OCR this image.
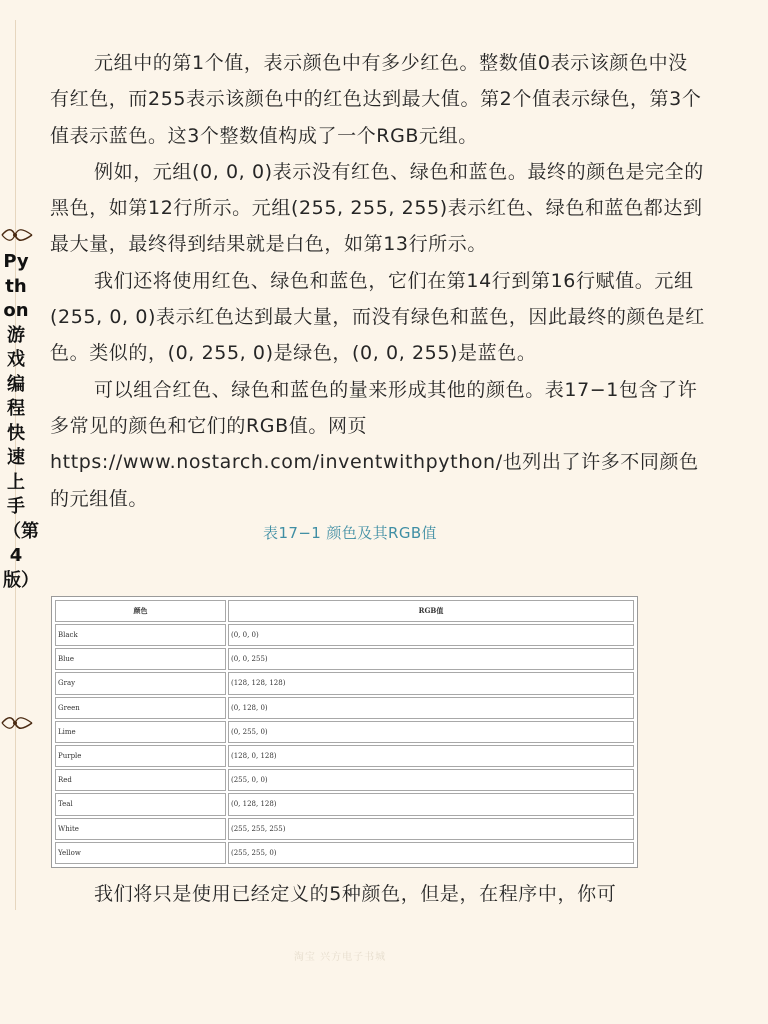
Python游戏编程快速上手（第4版）

元组中的第1个值，表示颜色中有多少红色。整数值0表示该颜色中没有红色，而255表示该颜色中的红色达到最大值。第2个值表示绿色，第3个值表示蓝色。这3个整数值构成了一个RGB元组。

例如，元组(0, 0, 0)表示没有红色、绿色和蓝色。最终的颜色是完全的黑色，如第12行所示。元组(255, 255, 255)表示红色、绿色和蓝色都达到最大量，最终得到结果就是白色，如第13行所示。

我们还将使用红色、绿色和蓝色，它们在第14行到第16行赋值。元组(255, 0, 0)表示红色达到最大量，而没有绿色和蓝色，因此最终的颜色是红色。类似的，(0, 255, 0)是绿色，(0, 0, 255)是蓝色。

可以组合红色、绿色和蓝色的量来形成其他的颜色。表17−1包含了许多常见的颜色和它们的RGB值。网页https://www.nostarch.com/inventwithpython/也列出了许多不同颜色的元组值。

表17−1 颜色及其RGB值
颜色	RGB值
Black	(0, 0, 0)
Blue	(0, 0, 255)
Gray	(128, 128, 128)
Green	(0, 128, 0)
Lime	(0, 255, 0)
Purple	(128, 0, 128)
Red	(255, 0, 0)
Teal	(0, 128, 128)
White	(255, 255, 255)
Yellow	(255, 255, 0)

我们将只是使用已经定义的5种颜色，但是，在程序中，你可

淘宝 兴方电子书城
